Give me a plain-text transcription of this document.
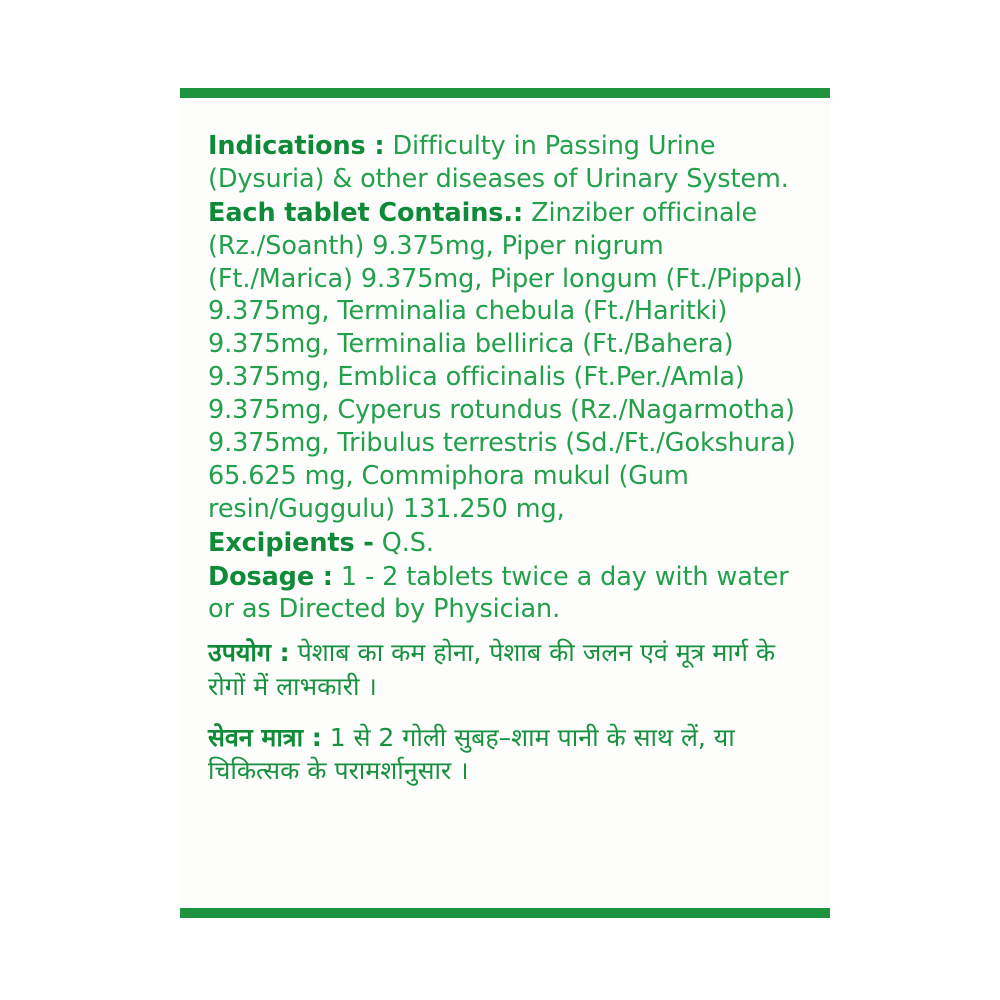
Indications : Difficulty in Passing Urine (Dysuria) & other diseases of Urinary System.

Each tablet Contains.: Zinziber officinale (Rz./Soanth) 9.375mg, Piper nigrum (Ft./Marica) 9.375mg, Piper longum (Ft./Pippal) 9.375mg, Terminalia chebula (Ft./Haritki) 9.375mg, Terminalia bellirica (Ft./Bahera) 9.375mg, Emblica officinalis (Ft.Per./Amla) 9.375mg, Cyperus rotundus (Rz./Nagarmotha) 9.375mg, Tribulus terrestris (Sd./Ft./Gokshura) 65.625 mg, Commiphora mukul (Gum resin/Guggulu) 131.250 mg,

Excipients - Q.S.

Dosage : 1 - 2 tablets twice a day with water or as Directed by Physician.

उपयोग : पेशाब का कम होना, पेशाब की जलन एवं मूत्र मार्ग के रोगों में लाभकारी ।

सेवन मात्रा : 1 से 2 गोली सुबह–शाम पानी के साथ लें, या चिकित्सक के परामर्शानुसार ।
